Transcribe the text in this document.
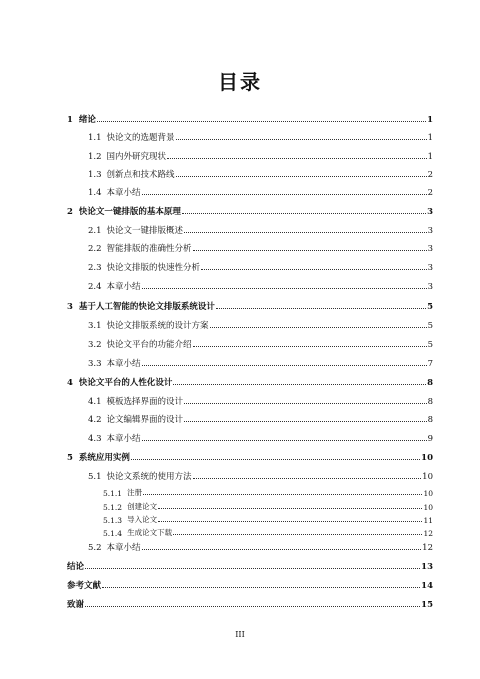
目录
1 绪论	1
1.1 快论文的选题背景	1
1.2 国内外研究现状	1
1.3 创新点和技术路线	2
1.4 本章小结	2
2 快论文一键排版的基本原理	3
2.1 快论文一键排版概述	3
2.2 智能排版的准确性分析	3
2.3 快论文排版的快速性分析	3
2.4 本章小结	3
3 基于人工智能的快论文排版系统设计	5
3.1 快论文排版系统的设计方案	5
3.2 快论文平台的功能介绍	5
3.3 本章小结	7
4 快论文平台的人性化设计	8
4.1 模板选择界面的设计	8
4.2 论文编辑界面的设计	8
4.3 本章小结	9
5 系统应用实例	10
5.1 快论文系统的使用方法	10
5.1.1 注册	10
5.1.2 创建论文	10
5.1.3 导入论文	11
5.1.4 生成论文下载	12
5.2 本章小结	12
结论	13
参考文献	14
致谢	15
III
